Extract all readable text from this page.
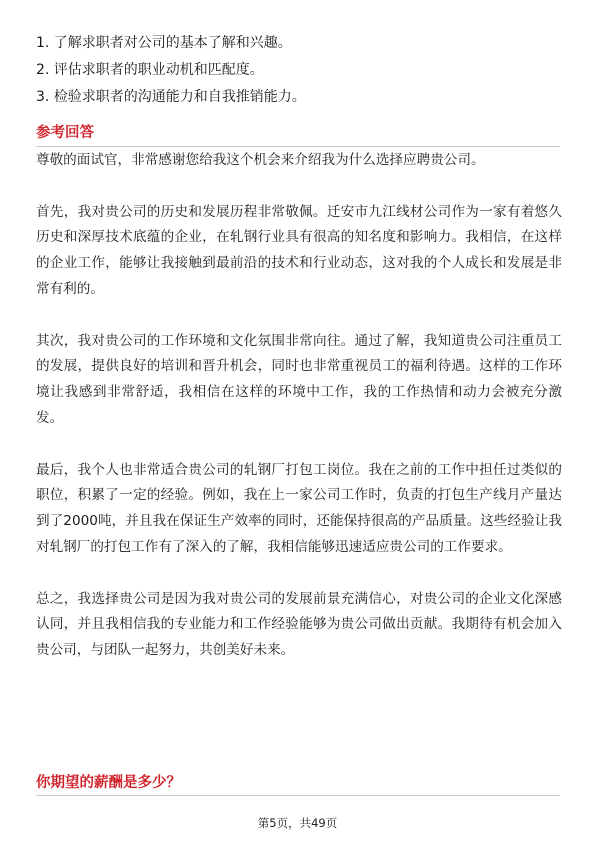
1. 了解求职者对公司的基本了解和兴趣。
2. 评估求职者的职业动机和匹配度。
3. 检验求职者的沟通能力和自我推销能力。
参考回答

尊敬的面试官，非常感谢您给我这个机会来介绍我为什么选择应聘贵公司。

首先，我对贵公司的历史和发展历程非常敬佩。迁安市九江线材公司作为一家有着悠久历史和深厚技术底蕴的企业，在轧钢行业具有很高的知名度和影响力。我相信，在这样的企业工作，能够让我接触到最前沿的技术和行业动态，这对我的个人成长和发展是非常有利的。

其次，我对贵公司的工作环境和文化氛围非常向往。通过了解，我知道贵公司注重员工的发展，提供良好的培训和晋升机会，同时也非常重视员工的福利待遇。这样的工作环境让我感到非常舒适，我相信在这样的环境中工作，我的工作热情和动力会被充分激发。

最后，我个人也非常适合贵公司的轧钢厂打包工岗位。我在之前的工作中担任过类似的职位，积累了一定的经验。例如，我在上一家公司工作时，负责的打包生产线月产量达到了2000吨，并且我在保证生产效率的同时，还能保持很高的产品质量。这些经验让我对轧钢厂的打包工作有了深入的了解，我相信能够迅速适应贵公司的工作要求。

总之，我选择贵公司是因为我对贵公司的发展前景充满信心，对贵公司的企业文化深感认同，并且我相信我的专业能力和工作经验能够为贵公司做出贡献。我期待有机会加入贵公司，与团队一起努力，共创美好未来。

你期望的薪酬是多少？
第5页，共49页
